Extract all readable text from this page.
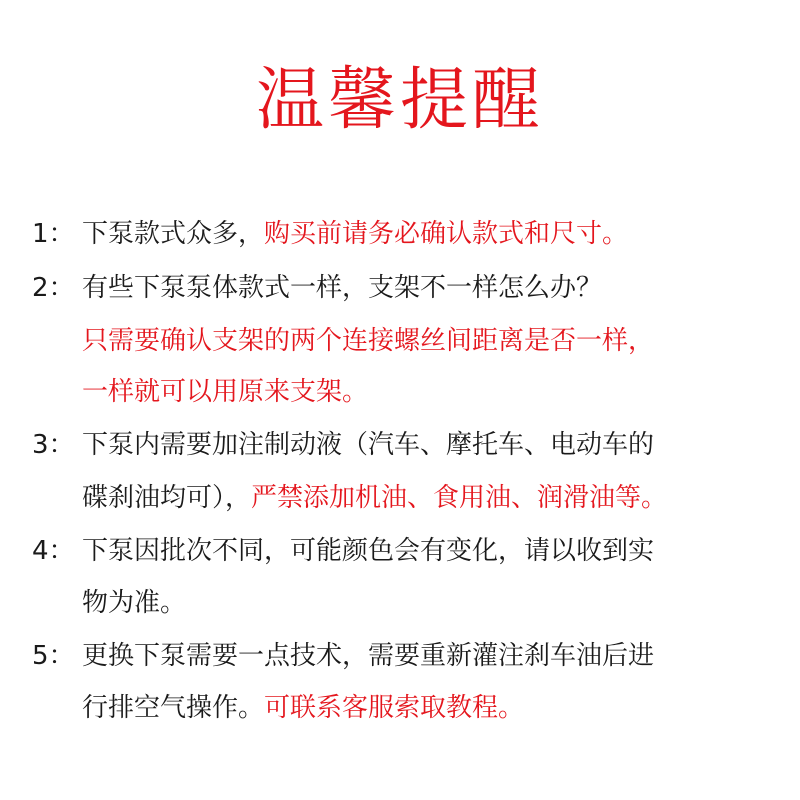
温馨提醒
1： 下泵款式众多，购买前请务必确认款式和尺寸。
2： 有些下泵泵体款式一样，支架不一样怎么办？
只需要确认支架的两个连接螺丝间距离是否一样，
一样就可以用原来支架。
3： 下泵内需要加注制动液（汽车、摩托车、电动车的
碟刹油均可），严禁添加机油、食用油、润滑油等。
4： 下泵因批次不同，可能颜色会有变化，请以收到实
物为准。
5： 更换下泵需要一点技术，需要重新灌注刹车油后进
行排空气操作。可联系客服索取教程。
